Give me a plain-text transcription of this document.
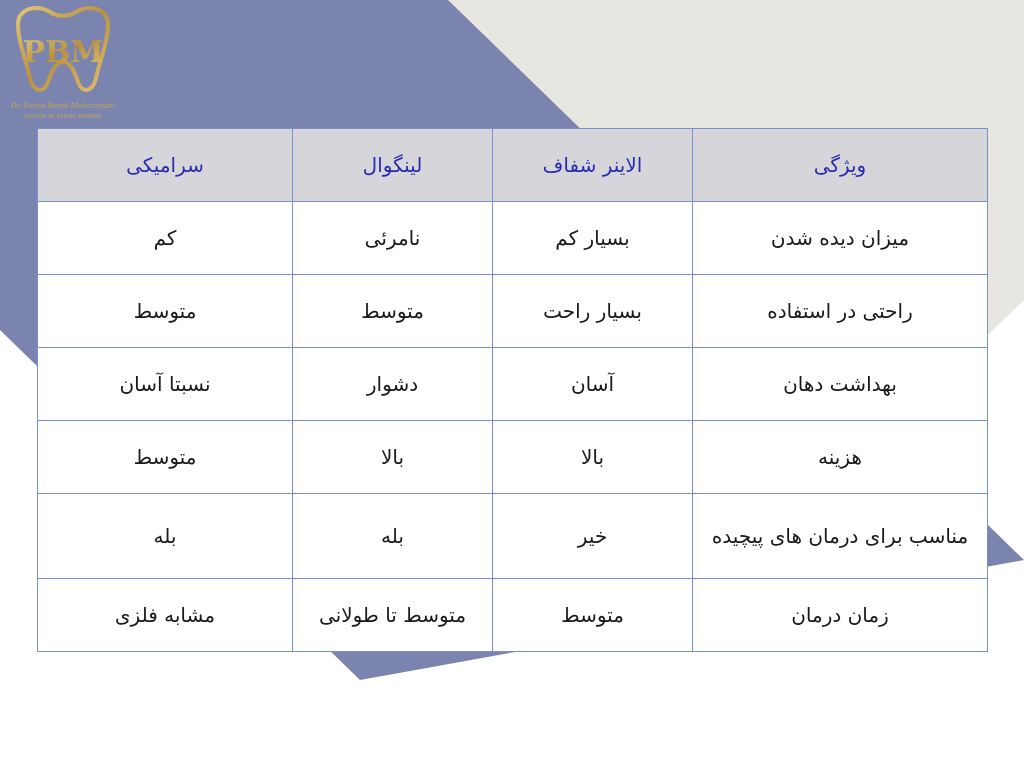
PBM
Dr. Parisa Bandi Mohammadi
DOCTOR OF DENTAL SURGERY
ویژگی	الاینر شفاف	لینگوال	سرامیکی
میزان دیده شدن	بسیار کم	نامرئی	کم
راحتی در استفاده	بسیار راحت	متوسط	متوسط
بهداشت دهان	آسان	دشوار	نسبتا آسان
هزینه	بالا	بالا	متوسط
مناسب برای درمان های پیچیده	خیر	بله	بله
زمان درمان	متوسط	متوسط تا طولانی	مشابه فلزی
